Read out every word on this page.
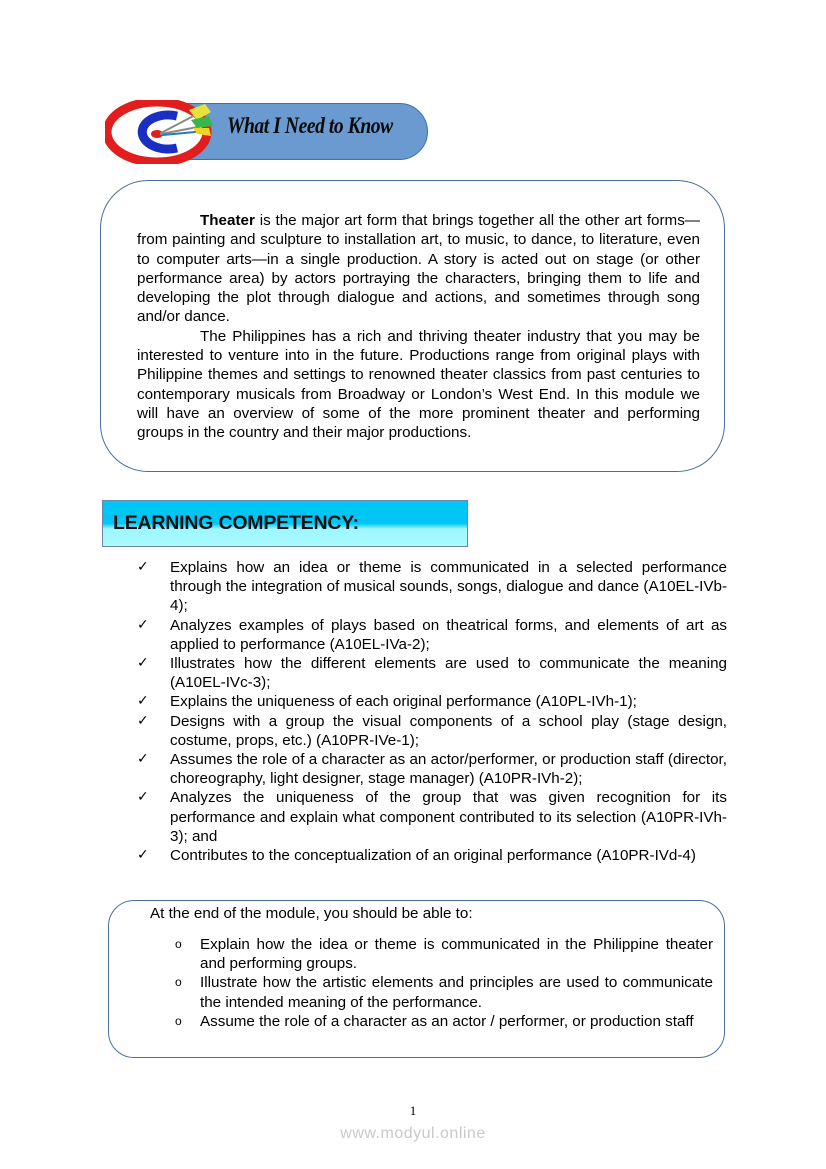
What I Need to Know

Theater is the major art form that brings together all the other art forms—from painting and sculpture to installation art, to music, to dance, to literature, even to computer arts—in a single production. A story is acted out on stage (or other performance area) by actors portraying the characters, bringing them to life and developing the plot through dialogue and actions, and sometimes through song and/or dance.

The Philippines has a rich and thriving theater industry that you may be interested to venture into in the future. Productions range from original plays with Philippine themes and settings to renowned theater classics from past centuries to contemporary musicals from Broadway or London’s West End. In this module we will have an overview of some of the more prominent theater and performing groups in the country and their major productions.

LEARNING COMPETENCY:
✓ Explains how an idea or theme is communicated in a selected performance through the integration of musical sounds, songs, dialogue and dance (A10EL-IVb-4);
✓ Analyzes examples of plays based on theatrical forms, and elements of art as applied to performance (A10EL-IVa-2);
✓ Illustrates how the different elements are used to communicate the meaning (A10EL-IVc-3);
✓ Explains the uniqueness of each original performance (A10PL-IVh-1);
✓ Designs with a group the visual components of a school play (stage design, costume, props, etc.) (A10PR-IVe-1);
✓ Assumes the role of a character as an actor/performer, or production staff (director, choreography, light designer, stage manager) (A10PR-IVh-2);
✓ Analyzes the uniqueness of the group that was given recognition for its performance and explain what component contributed to its selection (A10PR-IVh-3); and
✓ Contributes to the conceptualization of an original performance (A10PR-IVd-4)
At the end of the module, you should be able to:
o Explain how the idea or theme is communicated in the Philippine theater and performing groups.
o Illustrate how the artistic elements and principles are used to communicate the intended meaning of the performance.
o Assume the role of a character as an actor / performer, or production staff
1
www.modyul.online
